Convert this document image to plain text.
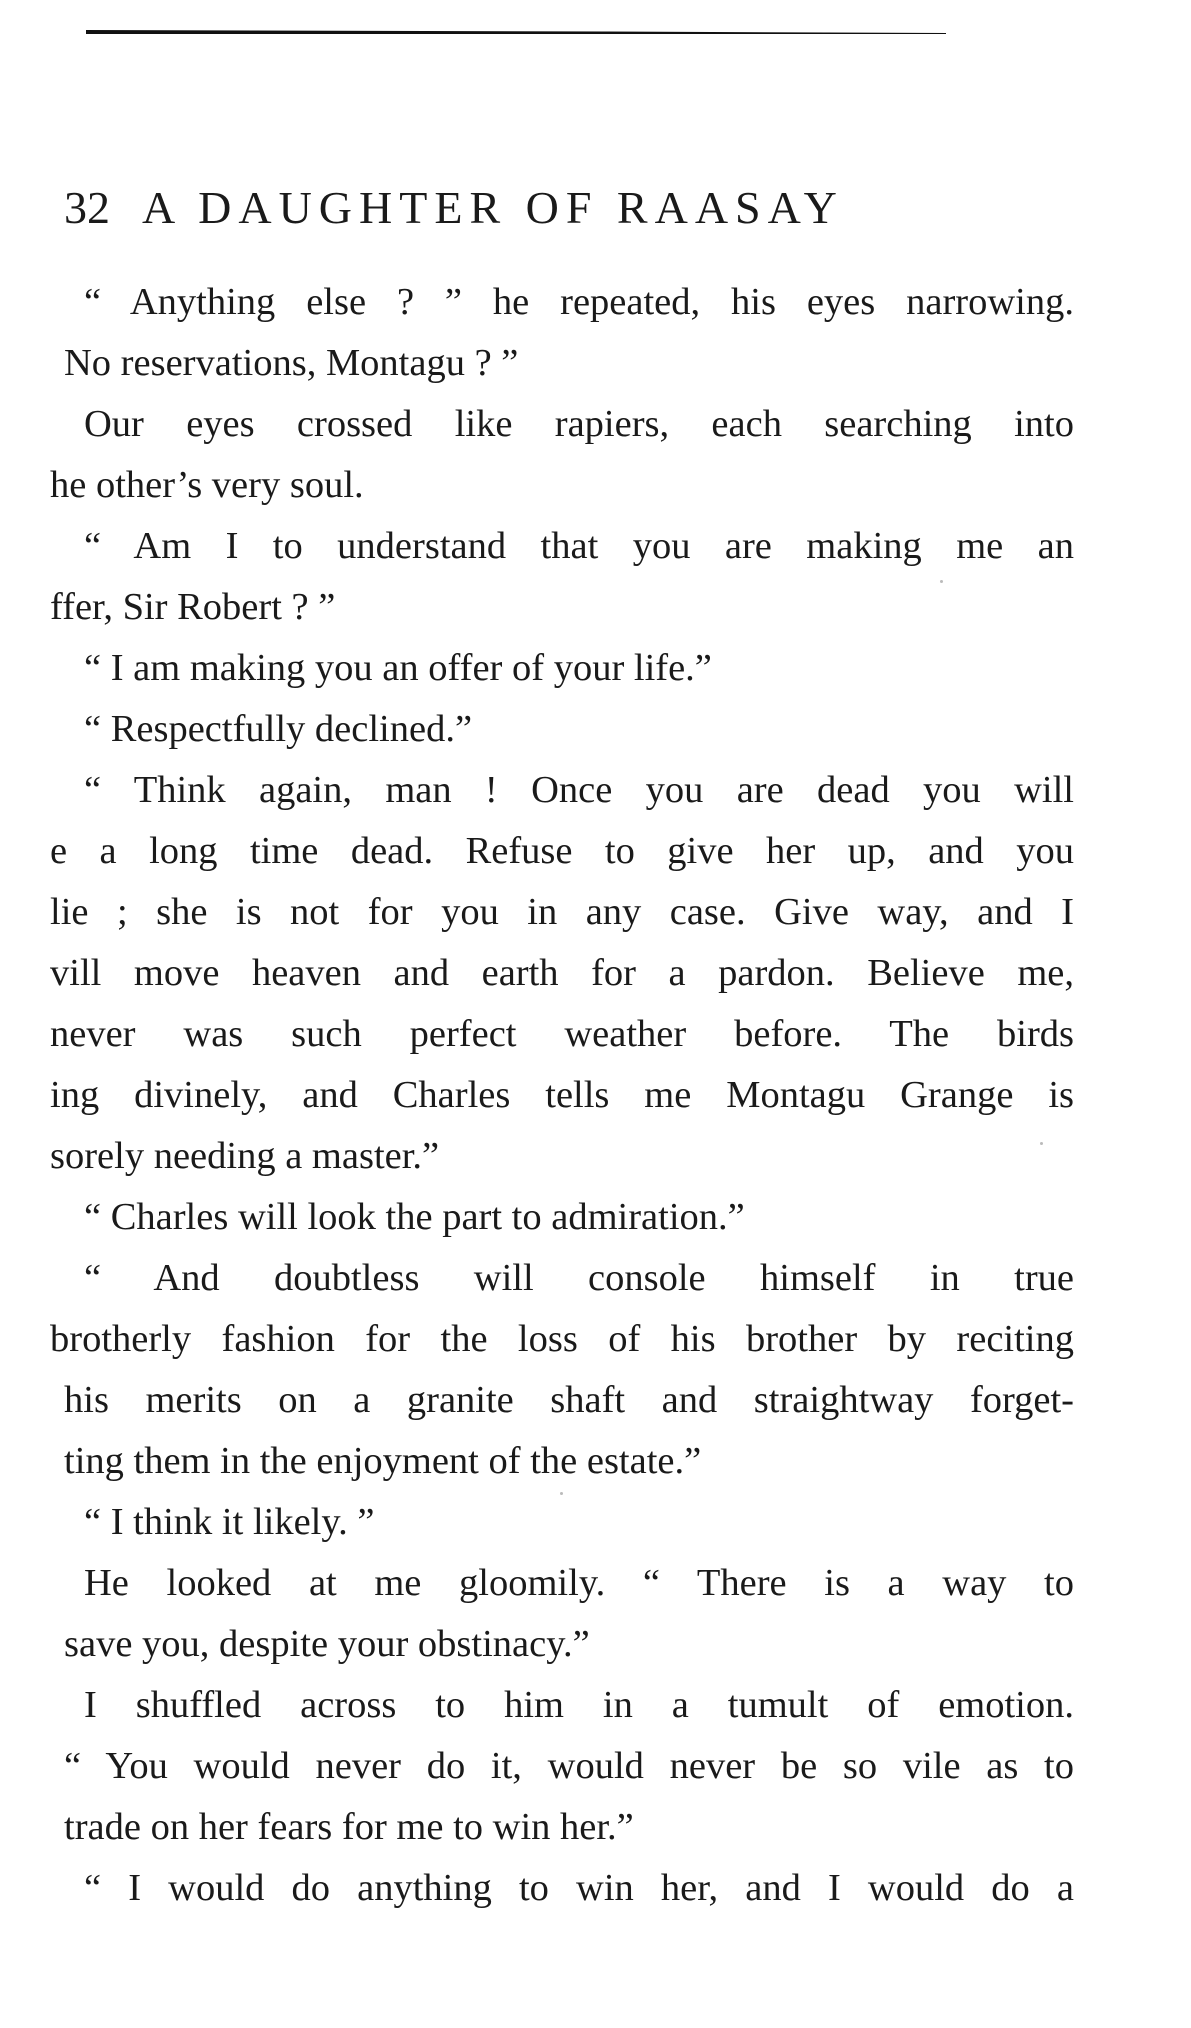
32 A DAUGHTER OF RAASAY
“ Anything else ? ” he repeated, his eyes narrowing.
No reservations, Montagu ? ”
Our eyes crossed like rapiers, each searching into
he other’s very soul.
“ Am I to understand that you are making me an
ffer, Sir Robert ? ”
“ I am making you an offer of your life.”
“ Respectfully declined.”
“ Think again, man ! Once you are dead you will
e a long time dead. Refuse to give her up, and you
lie ; she is not for you in any case. Give way, and I
vill move heaven and earth for a pardon. Believe me,
never was such perfect weather before. The birds
ing divinely, and Charles tells me Montagu Grange is
sorely needing a master.”
“ Charles will look the part to admiration.”
“ And doubtless will console himself in true
brotherly fashion for the loss of his brother by reciting
his merits on a granite shaft and straightway forget-
ting them in the enjoyment of the estate.”
“ I think it likely. ”
He looked at me gloomily. “ There is a way to
save you, despite your obstinacy.”
I shuffled across to him in a tumult of emotion.
“ You would never do it, would never be so vile as to
trade on her fears for me to win her.”
“ I would do anything to win her, and I would do a
